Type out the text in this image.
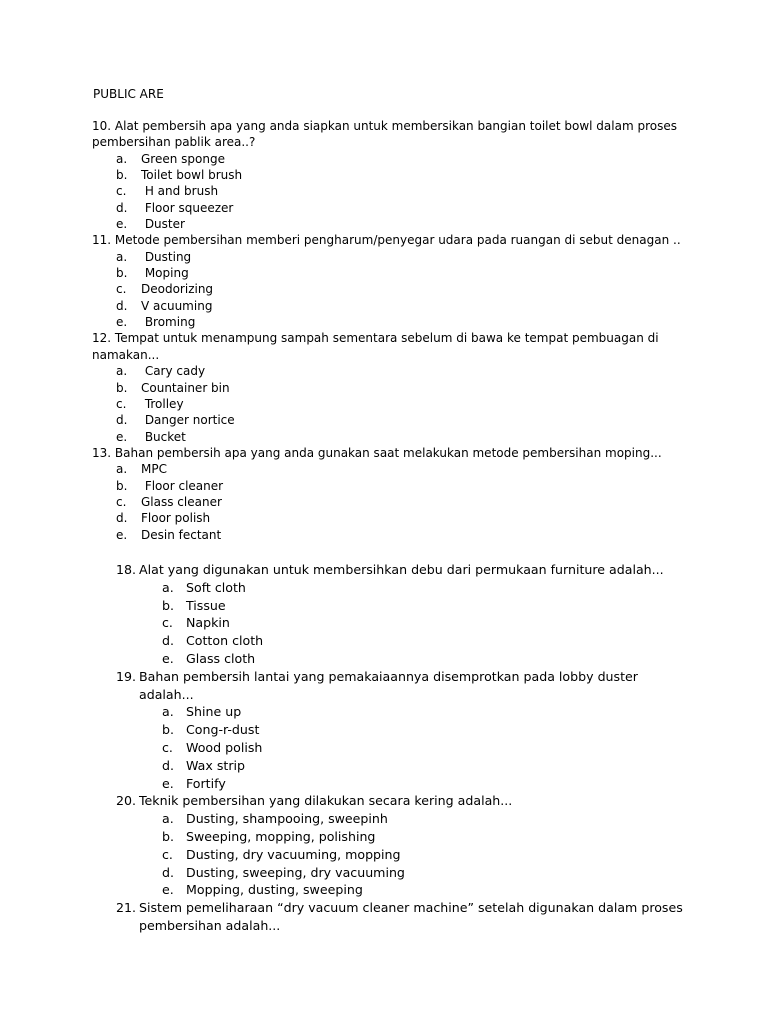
PUBLIC ARE
10. Alat pembersih apa yang anda siapkan untuk membersikan bangian toilet bowl dalam proses pembersihan pablik area..?
a.	Green sponge
b.	Toilet bowl brush
c.	H and brush
d.	Floor squeezer
e.	Duster
11. Metode pembersihan memberi pengharum/penyegar udara pada ruangan di sebut denagan ..
a.	Dusting
b.	Moping
c.	Deodorizing
d.	V acuuming
e.	Broming
12. Tempat untuk menampung sampah sementara sebelum di bawa ke tempat pembuagan di namakan...
a.	Cary cady
b.	Countainer bin
c.	Trolley
d.	Danger nortice
e.	Bucket
13. Bahan pembersih apa yang anda gunakan saat melakukan metode pembersihan moping...
a.	MPC
b.	Floor cleaner
c.	Glass cleaner
d.	Floor polish
e.	Desin fectant
18. Alat yang digunakan untuk membersihkan debu dari permukaan furniture adalah...
a. Soft cloth
b. Tissue
c.	Napkin
d. Cotton cloth
e. Glass cloth
19. Bahan pembersih lantai yang pemakaiaannya disemprotkan pada lobby duster adalah...
a. Shine up
b. Cong-r-dust
c.	Wood polish
d. Wax strip
e. Fortify
20. Teknik pembersihan yang dilakukan secara kering adalah...
a. Dusting, shampooing, sweepinh
b. Sweeping, mopping, polishing
c.	Dusting, dry vacuuming, mopping
d. Dusting, sweeping, dry vacuuming
e. Mopping, dusting, sweeping
21. Sistem pemeliharaan “dry vacuum cleaner machine” setelah digunakan dalam proses pembersihan adalah...
